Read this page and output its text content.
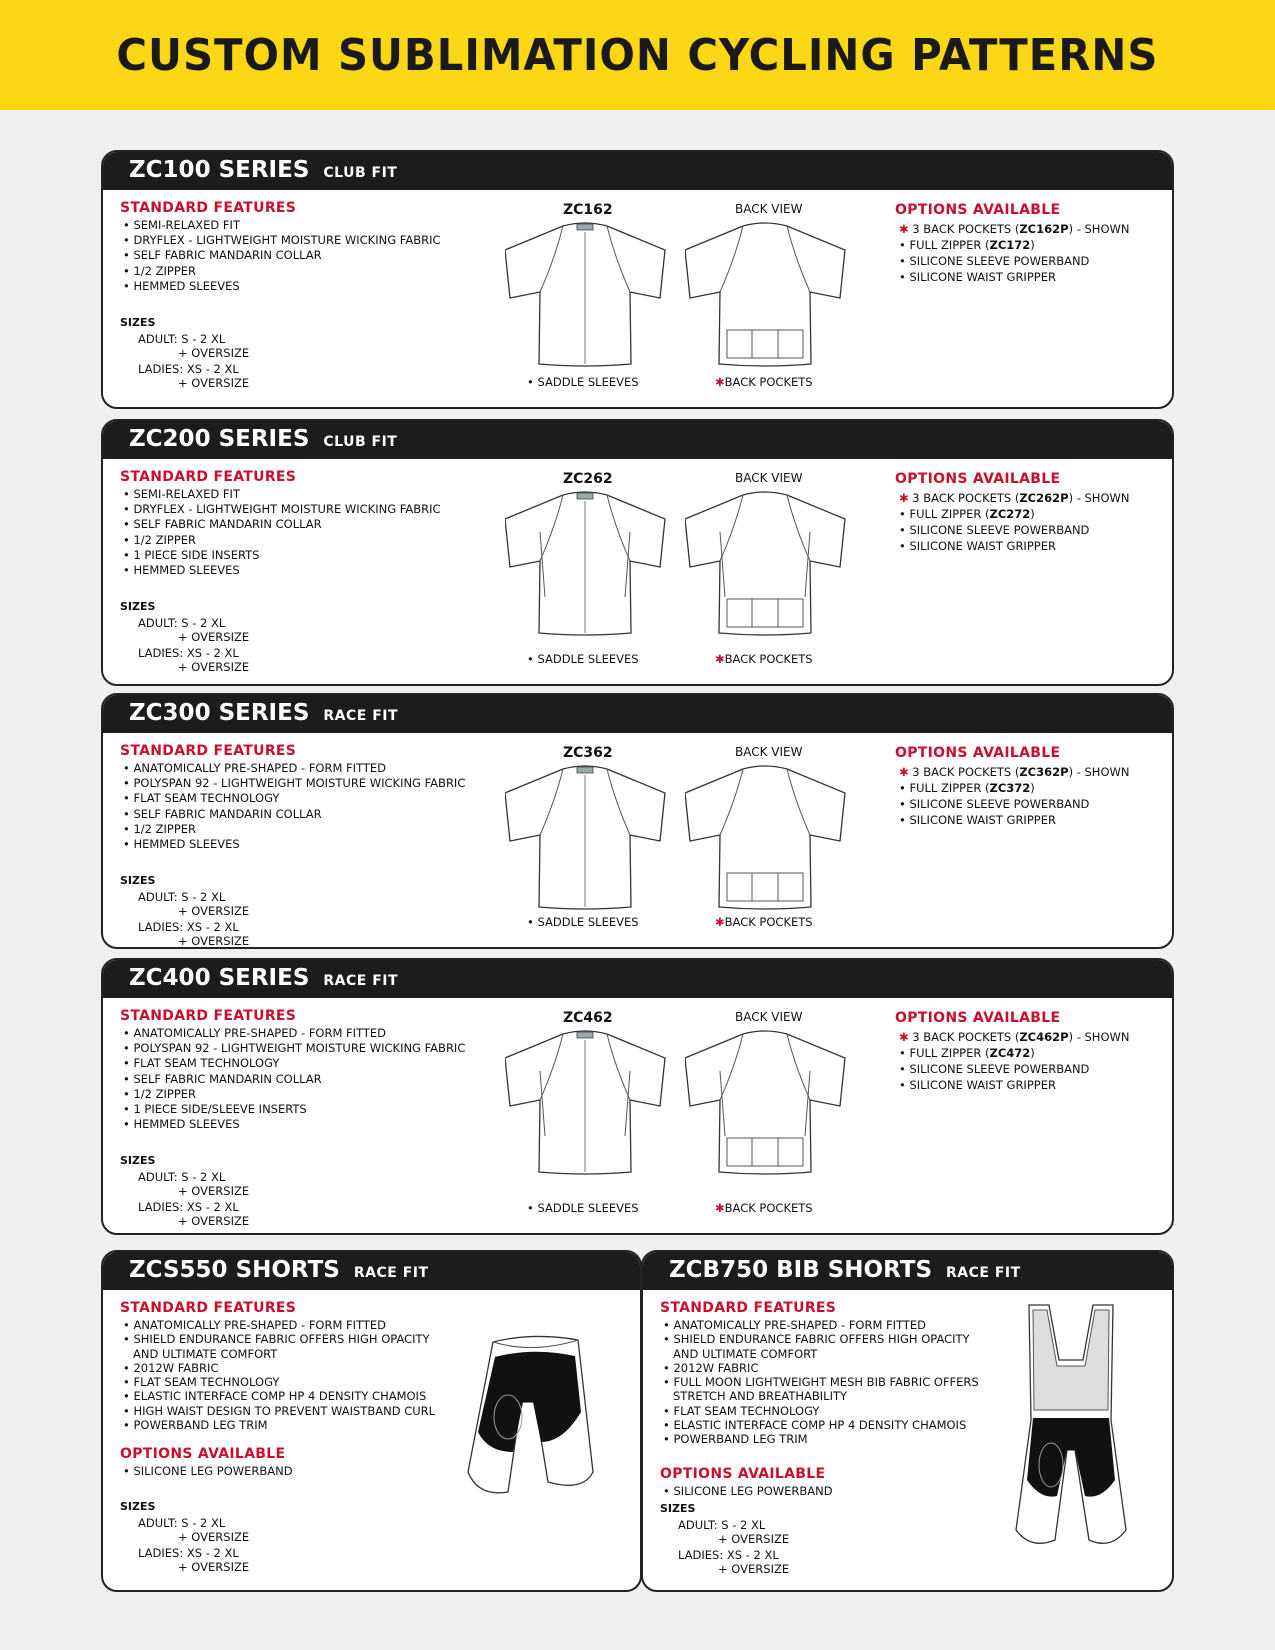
CUSTOM SUBLIMATION CYCLING PATTERNS
ZC100 SERIES CLUB FIT
STANDARD FEATURES
• SEMI-RELAXED FIT
• DRYFLEX - LIGHTWEIGHT MOISTURE WICKING FABRIC
• SELF FABRIC MANDARIN COLLAR
• 1/2 ZIPPER
• HEMMED SLEEVES
SIZES
ADULT: S - 2 XL
+ OVERSIZE
LADIES: XS - 2 XL
+ OVERSIZE
ZC162	BACK VIEW
• SADDLE SLEEVES	✱BACK POCKETS
OPTIONS AVAILABLE
✱ 3 BACK POCKETS (ZC162P) - SHOWN
• FULL ZIPPER (ZC172)
• SILICONE SLEEVE POWERBAND
• SILICONE WAIST GRIPPER
ZC200 SERIES CLUB FIT
STANDARD FEATURES
• SEMI-RELAXED FIT
• DRYFLEX - LIGHTWEIGHT MOISTURE WICKING FABRIC
• SELF FABRIC MANDARIN COLLAR
• 1/2 ZIPPER
• 1 PIECE SIDE INSERTS
• HEMMED SLEEVES
SIZES
ADULT: S - 2 XL
+ OVERSIZE
LADIES: XS - 2 XL
+ OVERSIZE
ZC262	BACK VIEW
• SADDLE SLEEVES	✱BACK POCKETS
OPTIONS AVAILABLE
✱ 3 BACK POCKETS (ZC262P) - SHOWN
• FULL ZIPPER (ZC272)
• SILICONE SLEEVE POWERBAND
• SILICONE WAIST GRIPPER
ZC300 SERIES RACE FIT
STANDARD FEATURES
• ANATOMICALLY PRE-SHAPED - FORM FITTED
• POLYSPAN 92 - LIGHTWEIGHT MOISTURE WICKING FABRIC
• FLAT SEAM TECHNOLOGY
• SELF FABRIC MANDARIN COLLAR
• 1/2 ZIPPER
• HEMMED SLEEVES
SIZES
ADULT: S - 2 XL
+ OVERSIZE
LADIES: XS - 2 XL
+ OVERSIZE
ZC362	BACK VIEW
• SADDLE SLEEVES	✱BACK POCKETS
OPTIONS AVAILABLE
✱ 3 BACK POCKETS (ZC362P) - SHOWN
• FULL ZIPPER (ZC372)
• SILICONE SLEEVE POWERBAND
• SILICONE WAIST GRIPPER
ZC400 SERIES RACE FIT
STANDARD FEATURES
• ANATOMICALLY PRE-SHAPED - FORM FITTED
• POLYSPAN 92 - LIGHTWEIGHT MOISTURE WICKING FABRIC
• FLAT SEAM TECHNOLOGY
• SELF FABRIC MANDARIN COLLAR
• 1/2 ZIPPER
• 1 PIECE SIDE/SLEEVE INSERTS
• HEMMED SLEEVES
SIZES
ADULT: S - 2 XL
+ OVERSIZE
LADIES: XS - 2 XL
+ OVERSIZE
ZC462	BACK VIEW
• SADDLE SLEEVES	✱BACK POCKETS
OPTIONS AVAILABLE
✱ 3 BACK POCKETS (ZC462P) - SHOWN
• FULL ZIPPER (ZC472)
• SILICONE SLEEVE POWERBAND
• SILICONE WAIST GRIPPER
ZCS550 SHORTS RACE FIT
STANDARD FEATURES
• ANATOMICALLY PRE-SHAPED - FORM FITTED
• SHIELD ENDURANCE FABRIC OFFERS HIGH OPACITY
AND ULTIMATE COMFORT
• 2012W FABRIC
• FLAT SEAM TECHNOLOGY
• ELASTIC INTERFACE COMP HP 4 DENSITY CHAMOIS
• HIGH WAIST DESIGN TO PREVENT WAISTBAND CURL
• POWERBAND LEG TRIM
OPTIONS AVAILABLE
• SILICONE LEG POWERBAND
SIZES
ADULT: S - 2 XL
+ OVERSIZE
LADIES: XS - 2 XL
+ OVERSIZE
ZCB750 BIB SHORTS RACE FIT
STANDARD FEATURES
• ANATOMICALLY PRE-SHAPED - FORM FITTED
• SHIELD ENDURANCE FABRIC OFFERS HIGH OPACITY
AND ULTIMATE COMFORT
• 2012W FABRIC
• FULL MOON LIGHTWEIGHT MESH BIB FABRIC OFFERS
STRETCH AND BREATHABILITY
• FLAT SEAM TECHNOLOGY
• ELASTIC INTERFACE COMP HP 4 DENSITY CHAMOIS
• POWERBAND LEG TRIM
OPTIONS AVAILABLE
• SILICONE LEG POWERBAND
SIZES
ADULT: S - 2 XL
+ OVERSIZE
LADIES: XS - 2 XL
+ OVERSIZE
